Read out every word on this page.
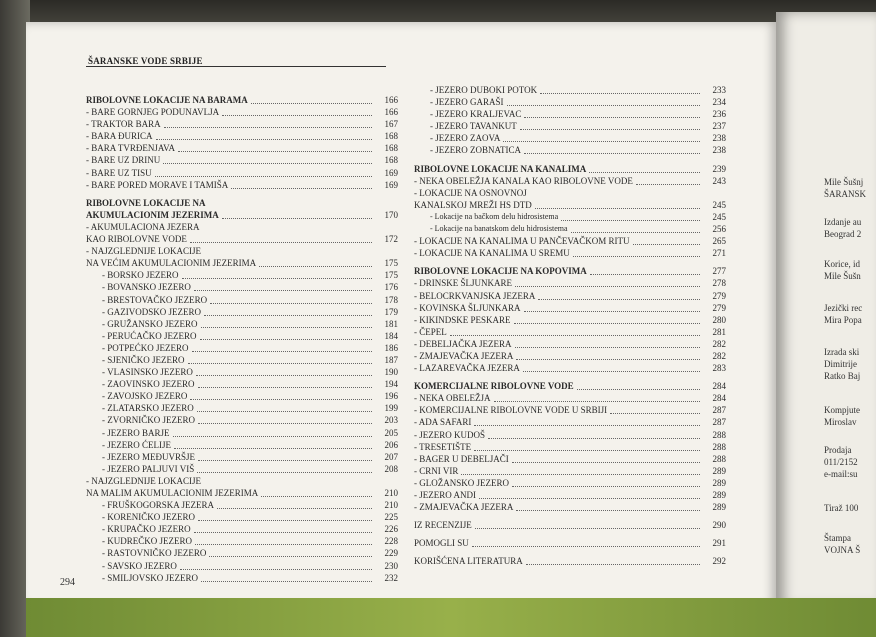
ŠARANSKE VODE SRBIJE
RIBOLOVNE LOKACIJE NA BARAMA	166
- BARE GORNJEG PODUNAVLJA	166
- TRAKTOR BARA	167
- BARA ĐURICA	168
- BARA TVRĐENJAVA	168
- BARE UZ DRINU	168
- BARE UZ TISU	169
- BARE PORED MORAVE I TAMIŠA	169
RIBOLOVNE LOKACIJE NA
AKUMULACIONIM JEZERIMA	170
- AKUMULACIONA JEZERA
KAO RIBOLOVNE VODE	172
- NAJZGLEDNIJE LOKACIJE
NA VEĆIM AKUMULACIONIM JEZERIMA	175
- BORSKO JEZERO	175
- BOVANSKO JEZERO	176
- BRESTOVAČKO JEZERO	178
- GAZIVODSKO JEZERO	179
- GRUŽANSKO JEZERO	181
- PERUĆAČKO JEZERO	184
- POTPEĆKO JEZERO	186
- SJENIČKO JEZERO	187
- VLASINSKO JEZERO	190
- ZAOVINSKO JEZERO	194
- ZAVOJSKO JEZERO	196
- ZLATARSKO JEZERO	199
- ZVORNIČKO JEZERO	203
- JEZERO BARJE	205
- JEZERO ĆELIJE	206
- JEZERO MEĐUVRŠJE	207
- JEZERO PALJUVI VIŠ	208
- NAJZGLEDNIJE LOKACIJE
NA MALIM AKUMULACIONIM JEZERIMA	210
- FRUŠKOGORSKA JEZERA	210
- KORENIČKO JEZERO	225
- KRUPAČKO JEZERO	226
- KUDREČKO JEZERO	228
- RASTOVNIČKO JEZERO	229
- SAVSKO JEZERO	230
- SMILJOVSKO JEZERO	232
- JEZERO DUBOKI POTOK	233
- JEZERO GARAŠI	234
- JEZERO KRALJEVAC	236
- JEZERO TAVANKUT	237
- JEZERO ZAOVA	238
- JEZERO ZOBNATICA	238
RIBOLOVNE LOKACIJE NA KANALIMA	239
- NEKA OBELEŽJA KANALA KAO RIBOLOVNE VODE	243
- LOKACIJE NA OSNOVNOJ
KANALSKOJ MREŽI HS DTD	245
- Lokacije na bačkom delu hidrosistema	245
- Lokacije na banatskom delu hidrosistema	256
- LOKACIJE NA KANALIMA U PANČEVAČKOM RITU	265
- LOKACIJE NA KANALIMA U SREMU	271
RIBOLOVNE LOKACIJE NA KOPOVIMA	277
- DRINSKE ŠLJUNKARE	278
- BELOCRKVANJSKA JEZERA	279
- KOVINSKA ŠLJUNKARA	279
- KIKINDSKE PESKARE	280
- ČEPEL	281
- DEBELJAČKA JEZERA	282
- ZMAJEVAČKA JEZERA	282
- LAZAREVAČKA JEZERA	283
KOMERCIJALNE RIBOLOVNE VODE	284
- NEKA OBELEŽJA	284
- KOMERCIJALNE RIBOLOVNE VODE U SRBIJI	287
- ADA SAFARI	287
- JEZERO KUDOŠ	288
- TRESETIŠTE	288
- BAGER U DEBELJAČI	288
- CRNI VIR	289
- GLOŽANSKO JEZERO	289
- JEZERO ANDI	289
- ZMAJEVAČKA JEZERA	289
IZ RECENZIJE	290
POMOGLI SU	291
KORIŠĆENA LITERATURA	292
294
Mile Šušnj
ŠARANSK
Izdanje au
Beograd 2
Korice, id
Mile Šušn
Jezički rec
Mira Popa
Izrada ski
Dimitrije
Ratko Baj
Kompjute
Miroslav
Prodaja
011/2152
e-mail:su
Tiraž 100
Štampa
VOJNA Š
